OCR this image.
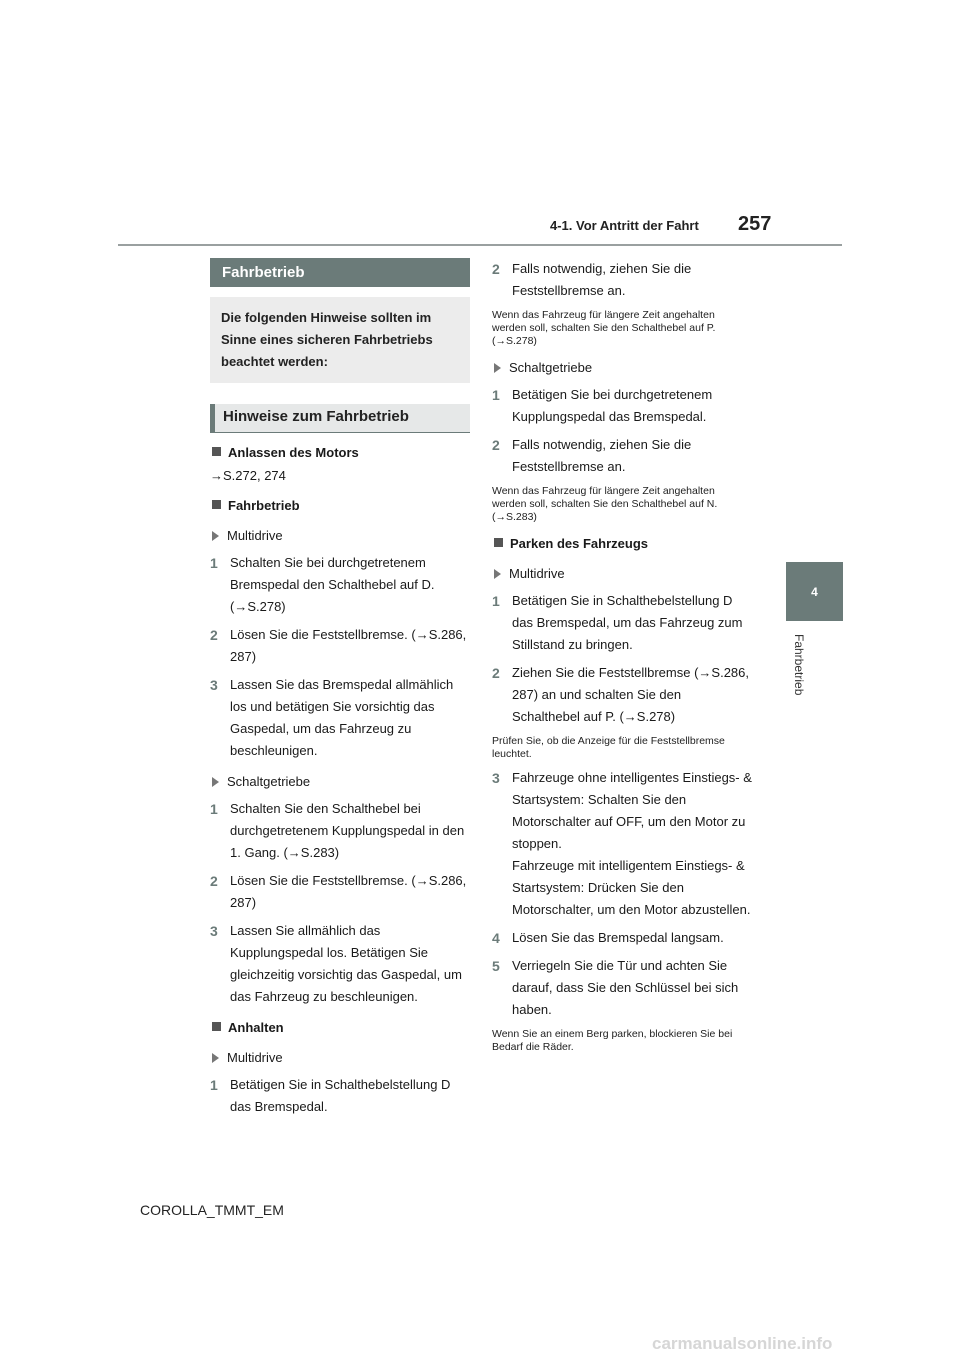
4-1. Vor Antritt der Fahrt 257
4
Fahrbetrieb
Fahrbetrieb
Die folgenden Hinweise sollten im Sinne eines sicheren Fahrbetriebs beachtet werden:
Hinweise zum Fahrbetrieb
Anlassen des Motors
→S.272, 274
Fahrbetrieb
Multidrive
1 Schalten Sie bei durchgetretenem Bremspedal den Schalthebel auf D. (→S.278)
2 Lösen Sie die Feststellbremse. (→S.286, 287)
3 Lassen Sie das Bremspedal allmählich los und betätigen Sie vorsichtig das Gaspedal, um das Fahrzeug zu beschleunigen.
Schaltgetriebe
1 Schalten Sie den Schalthebel bei durchgetretenem Kupplungspedal in den 1. Gang. (→S.283)
2 Lösen Sie die Feststellbremse. (→S.286, 287)
3 Lassen Sie allmählich das Kupplungspedal los. Betätigen Sie gleichzeitig vorsichtig das Gaspedal, um das Fahrzeug zu beschleunigen.
Anhalten
Multidrive
1 Betätigen Sie in Schalthebelstellung D das Bremspedal.
2 Falls notwendig, ziehen Sie die Feststellbremse an.
Wenn das Fahrzeug für längere Zeit angehalten werden soll, schalten Sie den Schalthebel auf P. (→S.278)
Schaltgetriebe
1 Betätigen Sie bei durchgetretenem Kupplungspedal das Bremspedal.
2 Falls notwendig, ziehen Sie die Feststellbremse an.
Wenn das Fahrzeug für längere Zeit angehalten werden soll, schalten Sie den Schalthebel auf N. (→S.283)
Parken des Fahrzeugs
Multidrive
1 Betätigen Sie in Schalthebelstellung D das Bremspedal, um das Fahrzeug zum Stillstand zu bringen.
2 Ziehen Sie die Feststellbremse (→S.286, 287) an und schalten Sie den Schalthebel auf P. (→S.278)
Prüfen Sie, ob die Anzeige für die Feststellbremse leuchtet.
3 Fahrzeuge ohne intelligentes Einstiegs- & Startsystem: Schalten Sie den Motorschalter auf OFF, um den Motor zu stoppen.
Fahrzeuge mit intelligentem Einstiegs- & Startsystem: Drücken Sie den Motorschalter, um den Motor abzustellen.
4 Lösen Sie das Bremspedal langsam.
5 Verriegeln Sie die Tür und achten Sie darauf, dass Sie den Schlüssel bei sich haben.
Wenn Sie an einem Berg parken, blockieren Sie bei Bedarf die Räder.
COROLLA_TMMT_EM
carmanualsonline.info
